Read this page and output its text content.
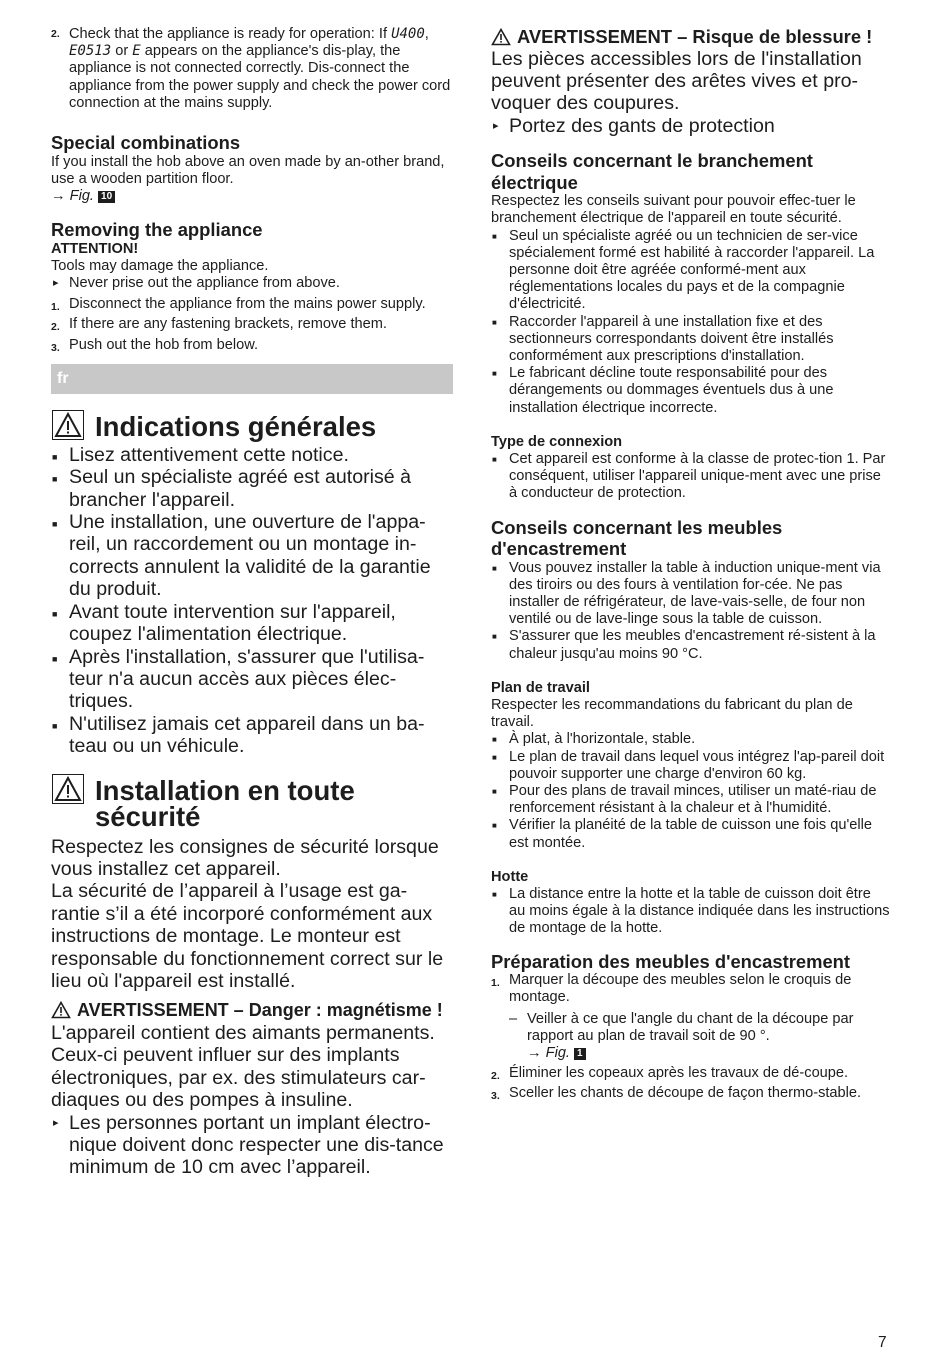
2. Check that the appliance is ready for operation: If U400, E0513 or E appears on the appliance's dis-play, the appliance is not connected correctly. Dis-connect the appliance from the power supply and check the power cord connection at the mains supply.
Special combinations

If you install the hob above an oven made by an-other brand, use a wooden partition floor.

→ Fig. 10

Removing the appliance

ATTENTION!

Tools may damage the appliance.

▸ Never prise out the appliance from above.
1. Disconnect the appliance from the mains power supply.
2. If there are any fastening brackets, remove them.
3. Push out the hob from below.
fr
Indications générales
■ Lisez attentivement cette notice.
■ Seul un spécialiste agréé est autorisé à brancher l'appareil.
■ Une installation, une ouverture de l'appa-reil, un raccordement ou un montage in-corrects annulent la validité de la garantie du produit.
■ Avant toute intervention sur l'appareil, coupez l'alimentation électrique.
■ Après l'installation, s'assurer que l'utilisa-teur n'a aucun accès aux pièces élec-triques.
■ N'utilisez jamais cet appareil dans un ba-teau ou un véhicule.
Installation en toute
sécurité

Respectez les consignes de sécurité lorsque vous installez cet appareil.

La sécurité de l’appareil à l’usage est ga-rantie s’il a été incorporé conformément aux instructions de montage. Le monteur est responsable du fonctionnement correct sur le lieu où l'appareil est installé.

AVERTISSEMENT – Danger : magnétisme !

L'appareil contient des aimants permanents. Ceux-ci peuvent influer sur des implants électroniques, par ex. des stimulateurs car-diaques ou des pompes à insuline.

▸ Les personnes portant un implant électro-nique doivent donc respecter une dis-tance minimum de 10 cm avec l’appareil.
AVERTISSEMENT – Risque de blessure !

Les pièces accessibles lors de l'installation peuvent présenter des arêtes vives et pro-voquer des coupures.

▸ Portez des gants de protection
Conseils concernant le branchement électrique

Respectez les conseils suivant pour pouvoir effec-tuer le branchement électrique de l'appareil en toute sécurité.

■ Seul un spécialiste agréé ou un technicien de ser-vice spécialement formé est habilité à raccorder l'appareil. La personne doit être agréée conformé-ment aux réglementations locales du pays et de la compagnie d'électricité.
■ Raccorder l'appareil à une installation fixe et des sectionneurs correspondants doivent être installés conformément aux prescriptions d'installation.
■ Le fabricant décline toute responsabilité pour des dérangements ou dommages éventuels dus à une installation électrique incorrecte.
Type de connexion
■ Cet appareil est conforme à la classe de protec-tion 1. Par conséquent, utiliser l'appareil unique-ment avec une prise à conducteur de protection.
Conseils concernant les meubles d'encastrement
■ Vous pouvez installer la table à induction unique-ment via des tiroirs ou des fours à ventilation for-cée. Ne pas installer de réfrigérateur, de lave-vais-selle, de four non ventilé ou de lave-linge sous la table de cuisson.
■ S'assurer que les meubles d'encastrement ré-sistent à la chaleur jusqu'au moins 90 °C.
Plan de travail

Respecter les recommandations du fabricant du plan de travail.

■ À plat, à l'horizontale, stable.
■ Le plan de travail dans lequel vous intégrez l'ap-pareil doit pouvoir supporter une charge d'environ 60 kg.
■ Pour des plans de travail minces, utiliser un maté-riau de renforcement résistant à la chaleur et à l'humidité.
■ Vérifier la planéité de la table de cuisson une fois qu'elle est montée.
Hotte
■ La distance entre la hotte et la table de cuisson doit être au moins égale à la distance indiquée dans les instructions de montage de la hotte.
Préparation des meubles d'encastrement
1. Marquer la découpe des meubles selon le croquis de montage.
– Veiller à ce que l'angle du chant de la découpe par rapport au plan de travail soit de 90 °.

→ Fig. 1

2. Éliminer les copeaux après les travaux de dé-coupe.
3. Sceller les chants de découpe de façon thermo-stable.
7
